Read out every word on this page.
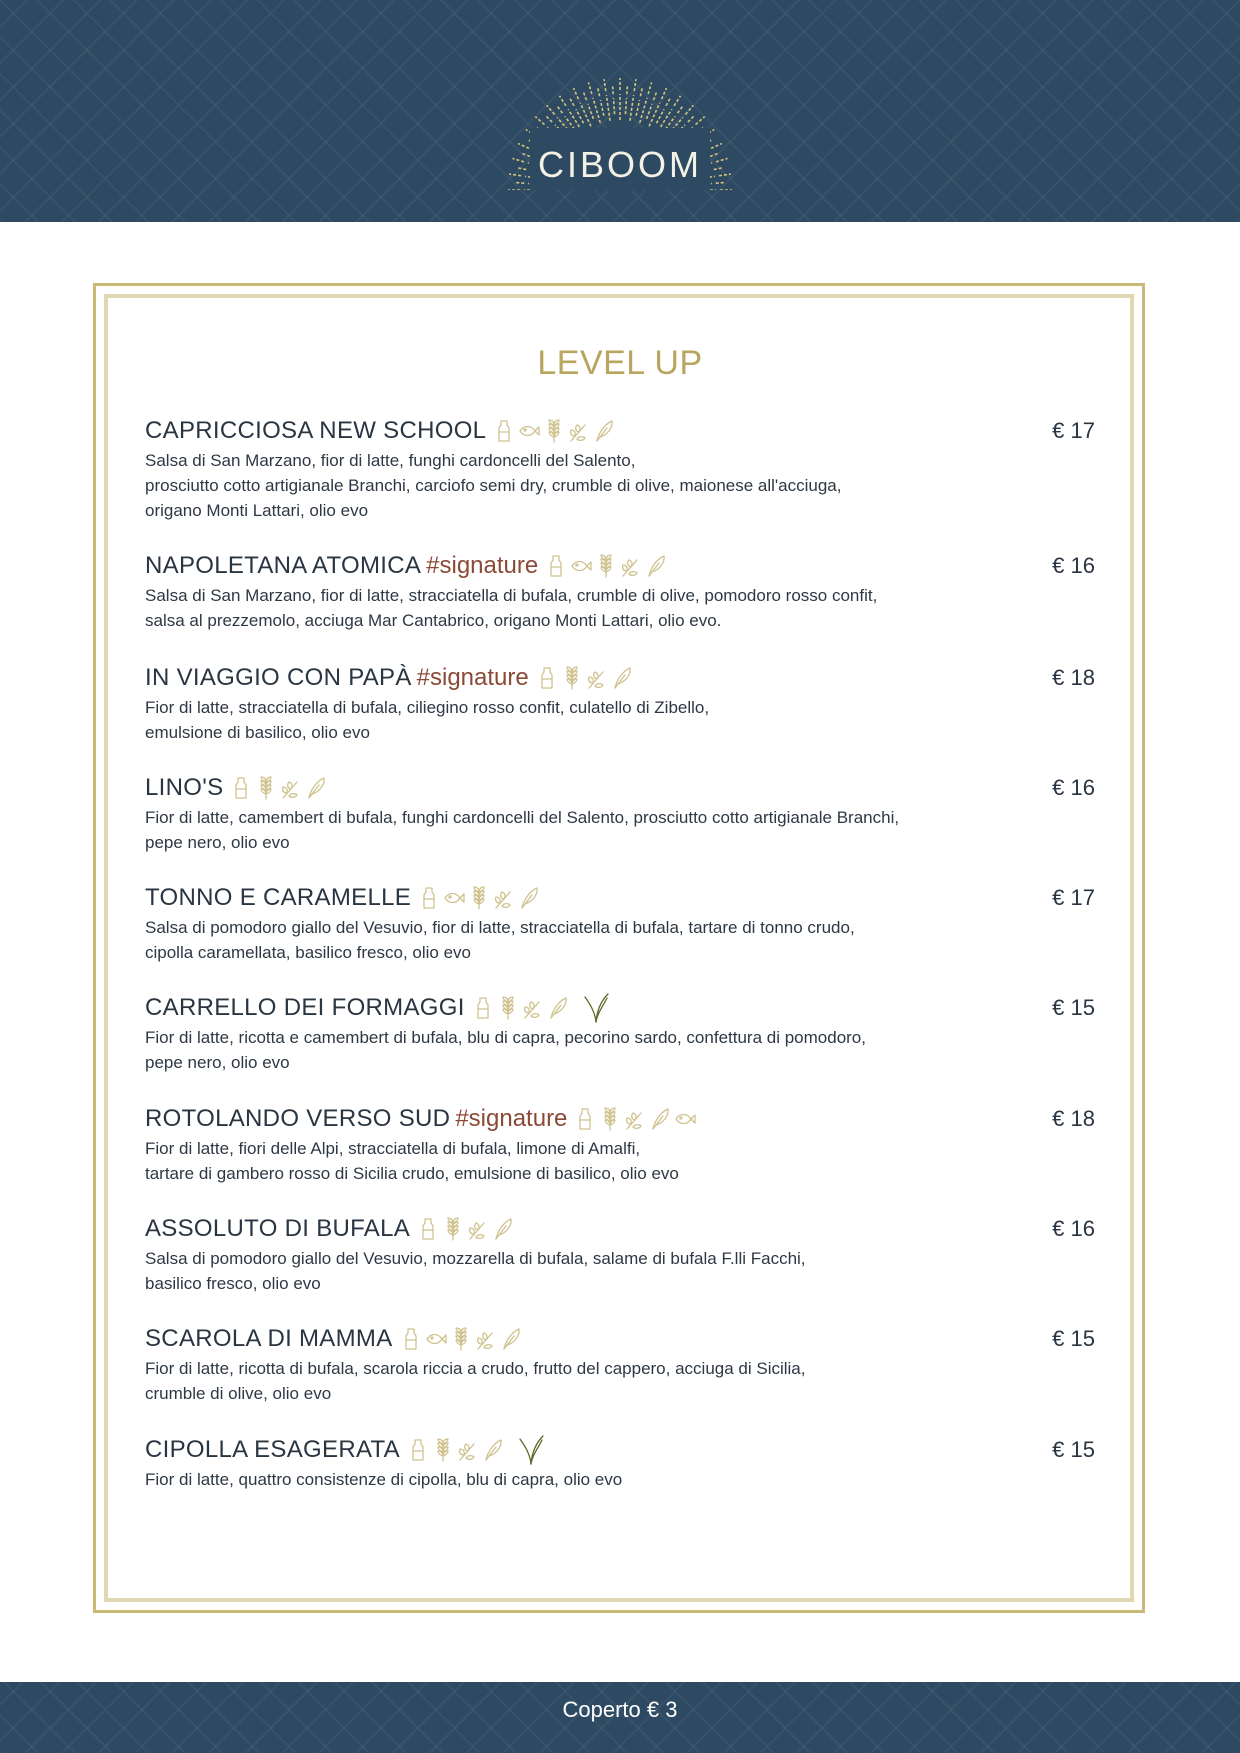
CIBOOM
LEVEL UP
CAPRICCIOSA NEW SCHOOL	€ 17

Salsa di San Marzano, fior di latte, funghi cardoncelli del Salento,
prosciutto cotto artigianale Branchi, carciofo semi dry, crumble di olive, maionese all'acciuga,
origano Monti Lattari, olio evo

NAPOLETANA ATOMICA #signature	€ 16

Salsa di San Marzano, fior di latte, stracciatella di bufala, crumble di olive, pomodoro rosso confit,
salsa al prezzemolo, acciuga Mar Cantabrico, origano Monti Lattari, olio evo.

IN VIAGGIO CON PAPÀ #signature	€ 18

Fior di latte, stracciatella di bufala, ciliegino rosso confit, culatello di Zibello,
emulsione di basilico, olio evo

LINO'S	€ 16

Fior di latte, camembert di bufala, funghi cardoncelli del Salento, prosciutto cotto artigianale Branchi,
pepe nero, olio evo

TONNO E CARAMELLE	€ 17

Salsa di pomodoro giallo del Vesuvio, fior di latte, stracciatella di bufala, tartare di tonno crudo,
cipolla caramellata, basilico fresco, olio evo

CARRELLO DEI FORMAGGI	€ 15

Fior di latte, ricotta e camembert di bufala, blu di capra, pecorino sardo, confettura di pomodoro,
pepe nero, olio evo

ROTOLANDO VERSO SUD #signature	€ 18

Fior di latte, fiori delle Alpi, stracciatella di bufala, limone di Amalfi,
tartare di gambero rosso di Sicilia crudo, emulsione di basilico, olio evo

ASSOLUTO DI BUFALA	€ 16

Salsa di pomodoro giallo del Vesuvio, mozzarella di bufala, salame di bufala F.lli Facchi,
basilico fresco, olio evo

SCAROLA DI MAMMA	€ 15

Fior di latte, ricotta di bufala, scarola riccia a crudo, frutto del cappero, acciuga di Sicilia,
crumble di olive, olio evo

CIPOLLA ESAGERATA	€ 15

Fior di latte, quattro consistenze di cipolla, blu di capra, olio evo

Coperto € 3
